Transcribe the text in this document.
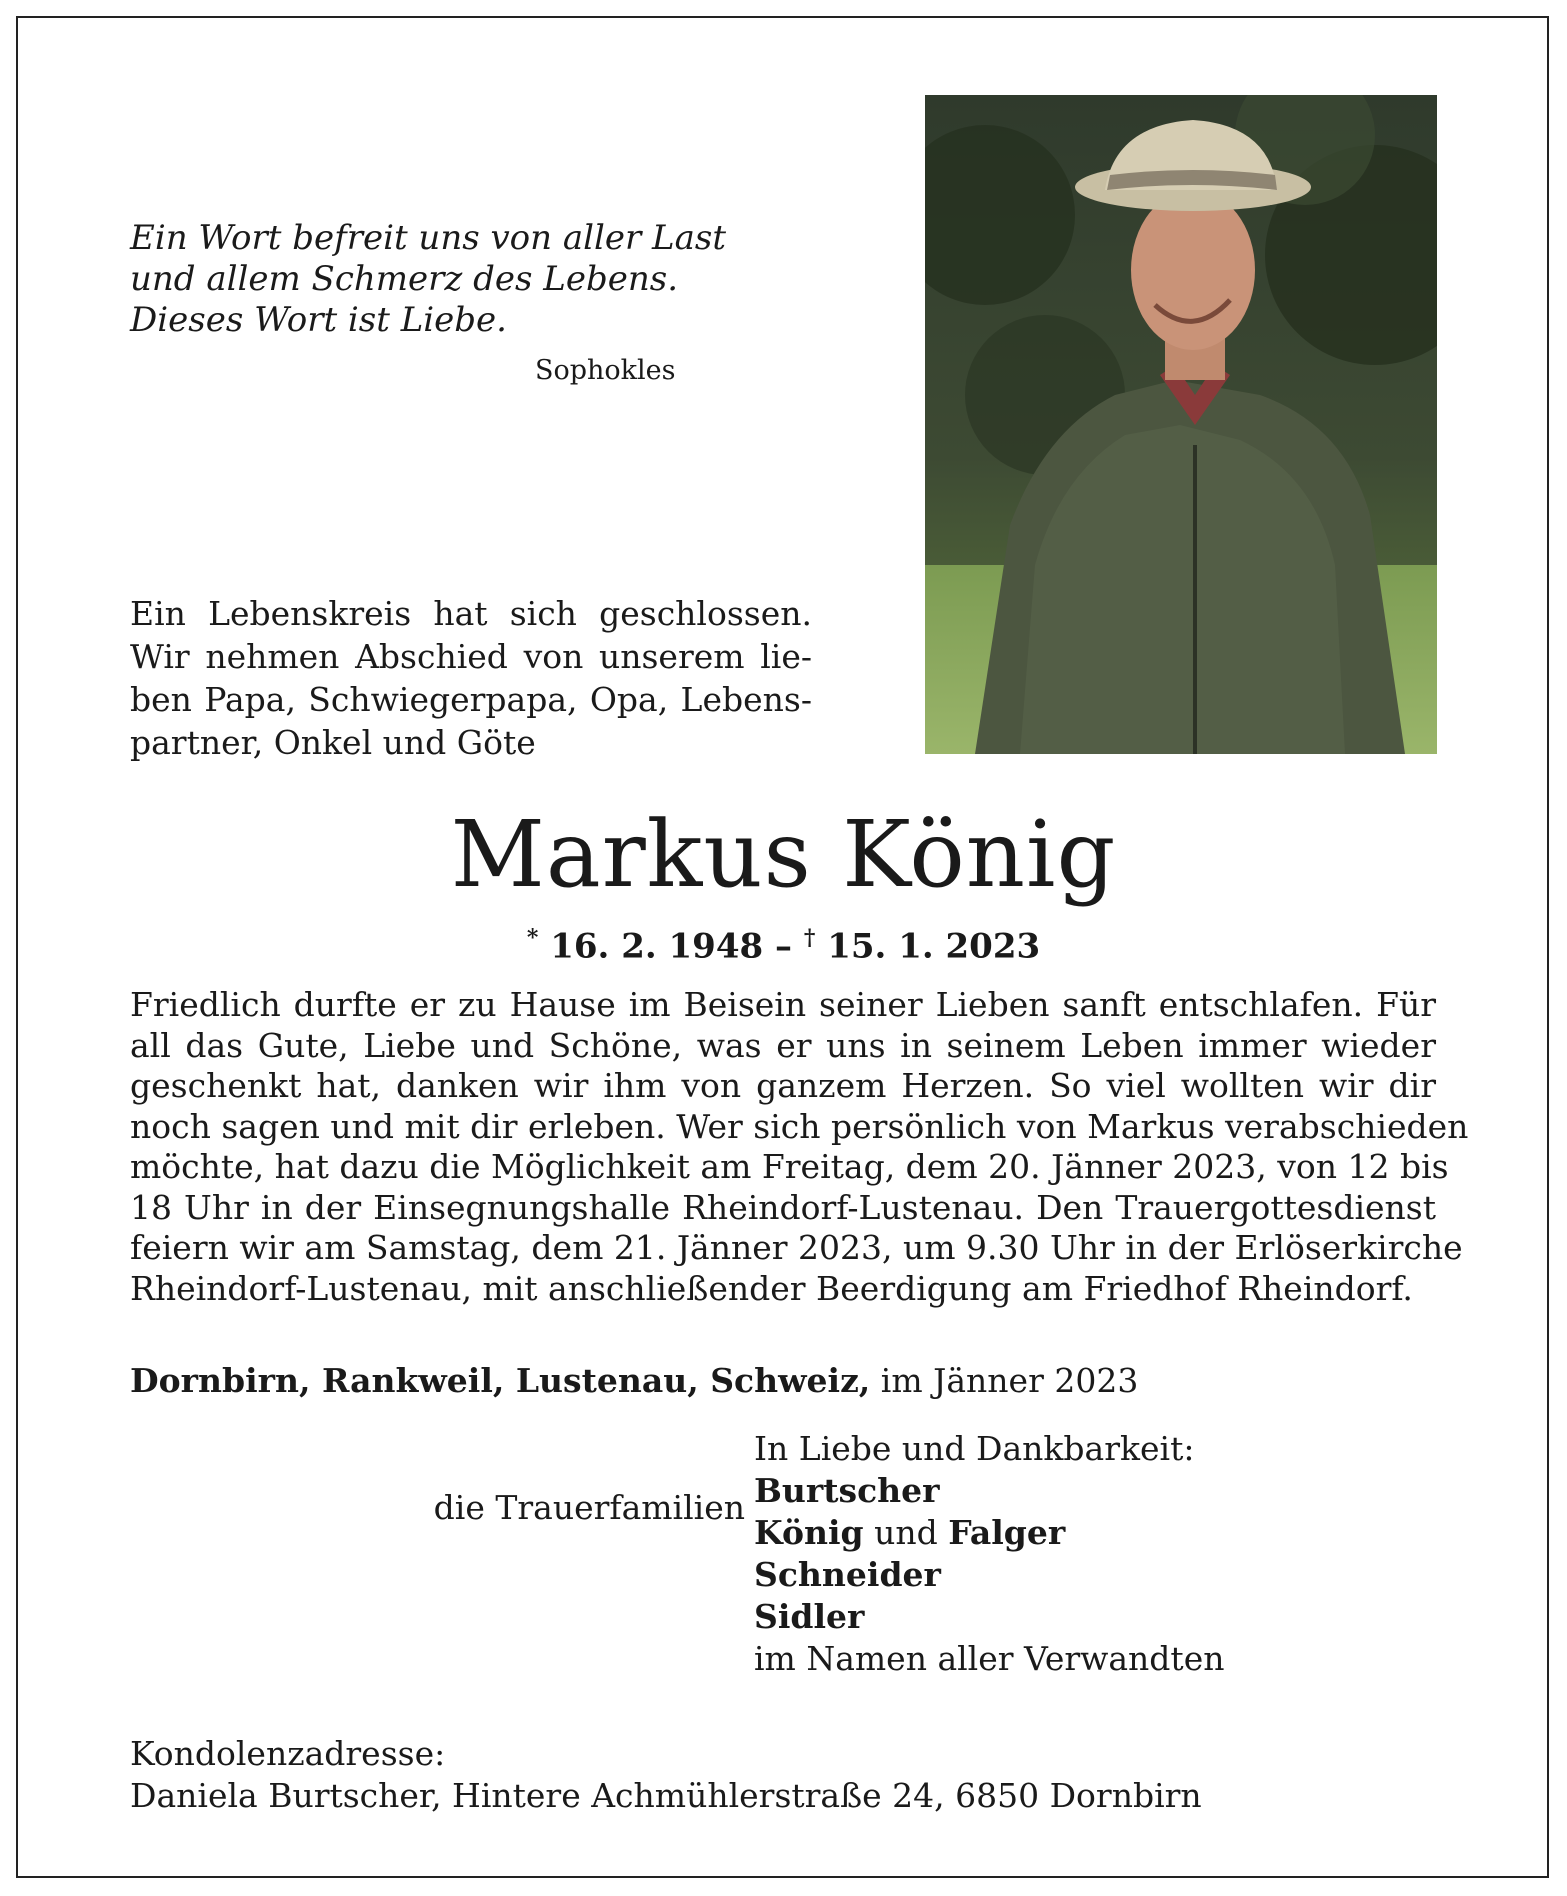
Ein Wort befreit uns von aller Last
und allem Schmerz des Lebens.
Dieses Wort ist Liebe.
Sophokles
Ein Lebenskreis hat sich geschlossen.
Wir nehmen Abschied von unserem lie-
ben Papa, Schwiegerpapa, Opa, Lebens-
partner, Onkel und Göte
Markus König
* 16. 2. 1948 – † 15. 1. 2023
Friedlich durfte er zu Hause im Beisein seiner Lieben sanft entschlafen. Für
all das Gute, Liebe und Schöne, was er uns in seinem Leben immer wieder
geschenkt hat, danken wir ihm von ganzem Herzen. So viel wollten wir dir
noch sagen und mit dir erleben. Wer sich persönlich von Markus verabschieden
möchte, hat dazu die Möglichkeit am Freitag, dem 20. Jänner 2023, von 12 bis
18 Uhr in der Einsegnungshalle Rheindorf-Lustenau. Den Trauergottesdienst
feiern wir am Samstag, dem 21. Jänner 2023, um 9.30 Uhr in der Erlöserkirche
Rheindorf-Lustenau, mit anschließender Beerdigung am Friedhof Rheindorf.
Dornbirn, Rankweil, Lustenau, Schweiz, im Jänner 2023
In Liebe und Dankbarkeit:
Burtscher
König und Falger
Schneider
Sidler
im Namen aller Verwandten
die Trauerfamilien
Kondolenzadresse:
Daniela Burtscher, Hintere Achmühlerstraße 24, 6850 Dornbirn
